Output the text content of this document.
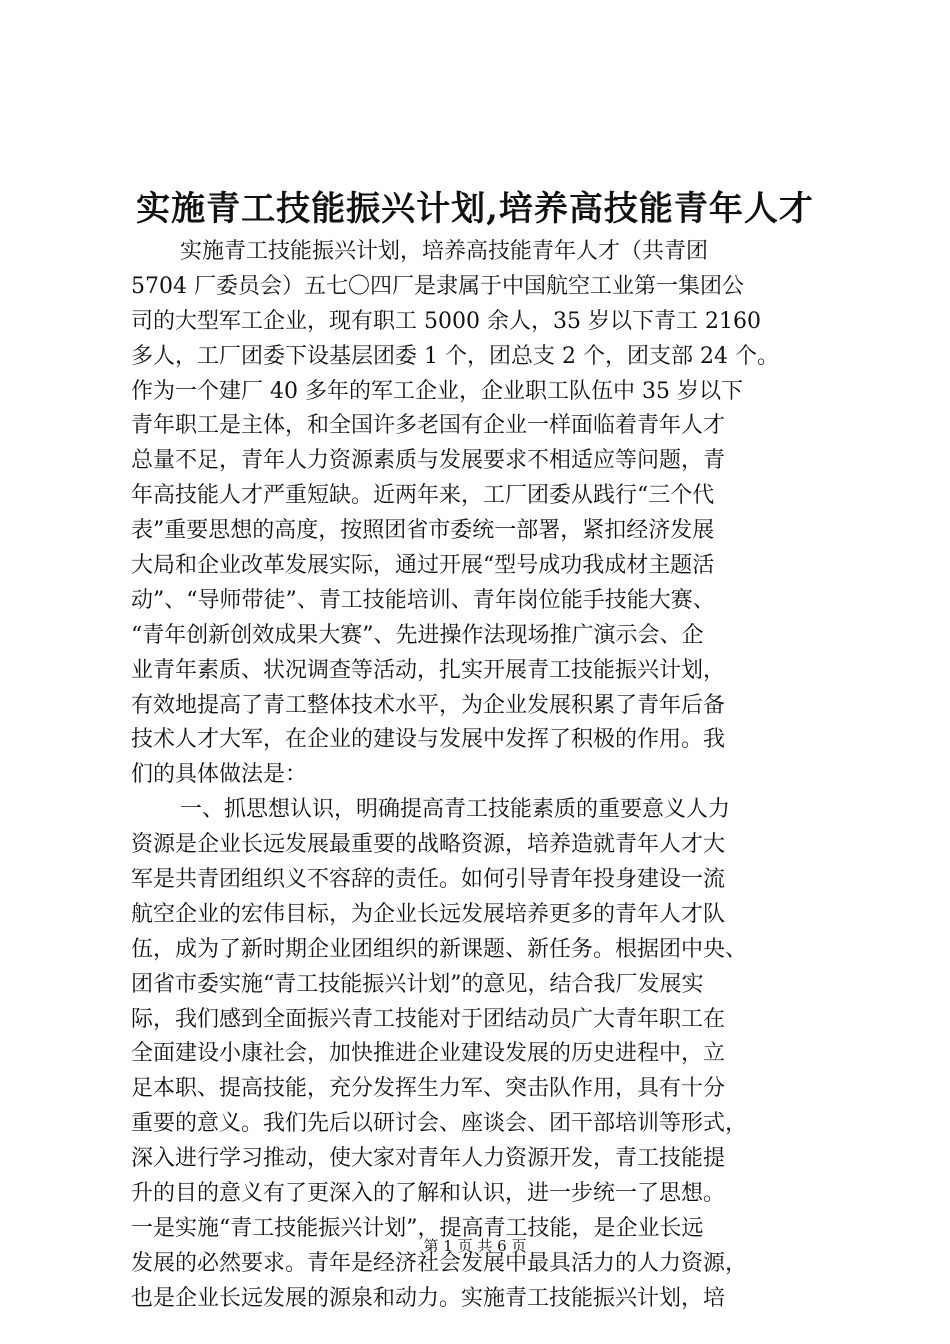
实施青工技能振兴计划,培养高技能青年人才
实施青工技能振兴计划，培养高技能青年人才（共青团
5704 厂委员会）五七〇四厂是隶属于中国航空工业第一集团公
司的大型军工企业，现有职工 5000 余人，35 岁以下青工 2160
多人，工厂团委下设基层团委 1 个，团总支 2 个，团支部 24 个。
作为一个建厂 40 多年的军工企业，企业职工队伍中 35 岁以下
青年职工是主体，和全国许多老国有企业一样面临着青年人才
总量不足，青年人力资源素质与发展要求不相适应等问题，青
年高技能人才严重短缺。近两年来，工厂团委从践行“三个代
表”重要思想的高度，按照团省市委统一部署，紧扣经济发展
大局和企业改革发展实际，通过开展“型号成功我成材主题活
动”、“导师带徒”、青工技能培训、青年岗位能手技能大赛、
“青年创新创效成果大赛”、先进操作法现场推广演示会、企
业青年素质、状况调查等活动，扎实开展青工技能振兴计划，
有效地提高了青工整体技术水平，为企业发展积累了青年后备
技术人才大军，在企业的建设与发展中发挥了积极的作用。我
们的具体做法是：
一、抓思想认识，明确提高青工技能素质的重要意义人力
资源是企业长远发展最重要的战略资源，培养造就青年人才大
军是共青团组织义不容辞的责任。如何引导青年投身建设一流
航空企业的宏伟目标，为企业长远发展培养更多的青年人才队
伍，成为了新时期企业团组织的新课题、新任务。根据团中央、
团省市委实施“青工技能振兴计划”的意见，结合我厂发展实
际，我们感到全面振兴青工技能对于团结动员广大青年职工在
全面建设小康社会，加快推进企业建设发展的历史进程中，立
足本职、提高技能，充分发挥生力军、突击队作用，具有十分
重要的意义。我们先后以研讨会、座谈会、团干部培训等形式，
深入进行学习推动，使大家对青年人力资源开发，青工技能提
升的目的意义有了更深入的了解和认识，进一步统一了思想。
一是实施“青工技能振兴计划”，提高青工技能，是企业长远
发展的必然要求。青年是经济社会发展中最具活力的人力资源，
也是企业长远发展的源泉和动力。实施青工技能振兴计划，培
第 1 页 共 6 页
